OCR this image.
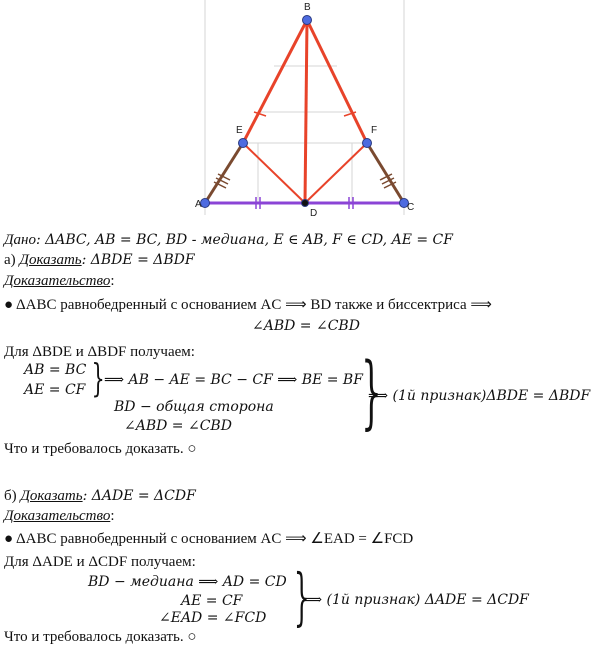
B
E	F
A	C
D
Дано: ΔABC, AB = BC, BD - медиана, E ∈ AB, F ∈ CD, AE = CF
а) Доказать: ΔBDE = ΔBDF
Доказательство:
● ΔABC равнобедренный с основанием AC ⟹ BD также и биссектриса ⟹
∠ABD = ∠CBD
Для ΔBDE и ΔBDF получаем:
AB = BC
AE = CF } ⟹ AB − AE = BC − CF ⟹ BE = BF
BD − общая сторона
∠ABD = ∠CBD }
⟹ (1й признак)ΔBDE = ΔBDF
Что и требовалось доказать. ○
б) Доказать: ΔADE = ΔCDF
Доказательство:
● ΔABC равнобедренный с основанием AC ⟹ ∠EAD = ∠FCD
Для ΔADE и ΔCDF получаем:
BD − медиана ⟹ AD = CD
AE = CF
∠EAD = ∠FCD }
⟹ (1й признак) ΔADE = ΔCDF
Что и требовалось доказать. ○
